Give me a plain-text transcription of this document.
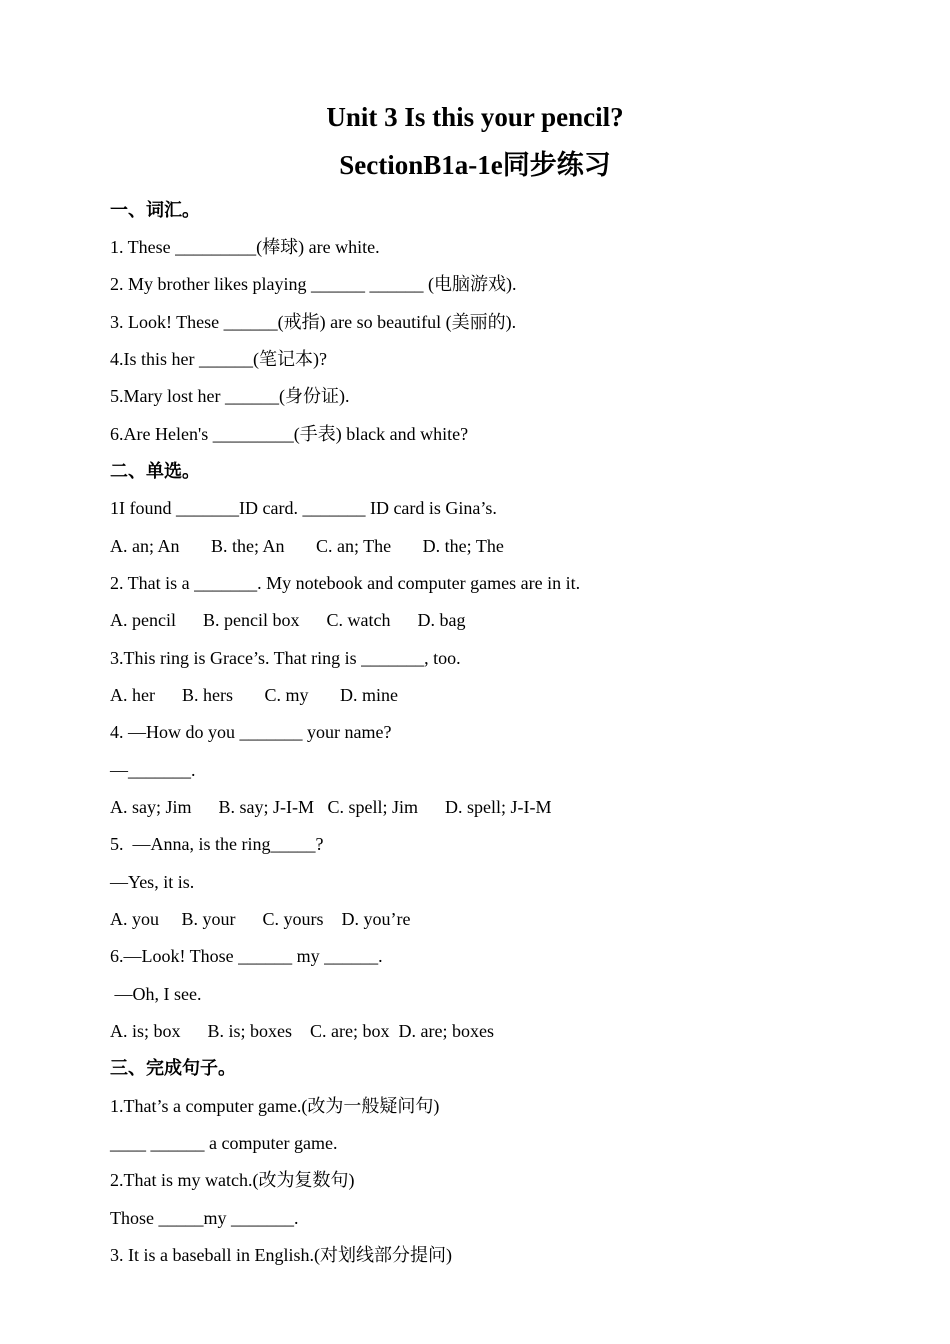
Unit 3 Is this your pencil?
SectionB1a-1e同步练习
一、词汇。
1. These _________(棒球) are white.
2. My brother likes playing ______ ______ (电脑游戏).
3. Look! These ______(戒指) are so beautiful (美丽的).
4.Is this her ______(笔记本)?
5.Mary lost her ______(身份证).
6.Are Helen's _________(手表) black and white?
二、单选。
1I found _______ID card. _______ ID card is Gina’s.
A. an; An       B. the; An       C. an; The       D. the; The
2. That is a _______. My notebook and computer games are in it.
A. pencil      B. pencil box      C. watch      D. bag
3.This ring is Grace’s. That ring is _______, too.
A. her      B. hers       C. my       D. mine
4. —How do you _______ your name?
—_______.
A. say; Jim      B. say; J-I-M   C. spell; Jim      D. spell; J-I-M
5.  —Anna, is the ring_____?
—Yes, it is.
A. you     B. your      C. yours    D. you’re
6.—Look! Those ______ my ______.
—Oh, I see.
A. is; box      B. is; boxes    C. are; box  D. are; boxes
三、完成句子。
1.That’s a computer game.(改为一般疑问句)
____ ______ a computer game.
2.That is my watch.(改为复数句)
Those _____my _______.
3. It is a baseball in English.(对划线部分提问)
